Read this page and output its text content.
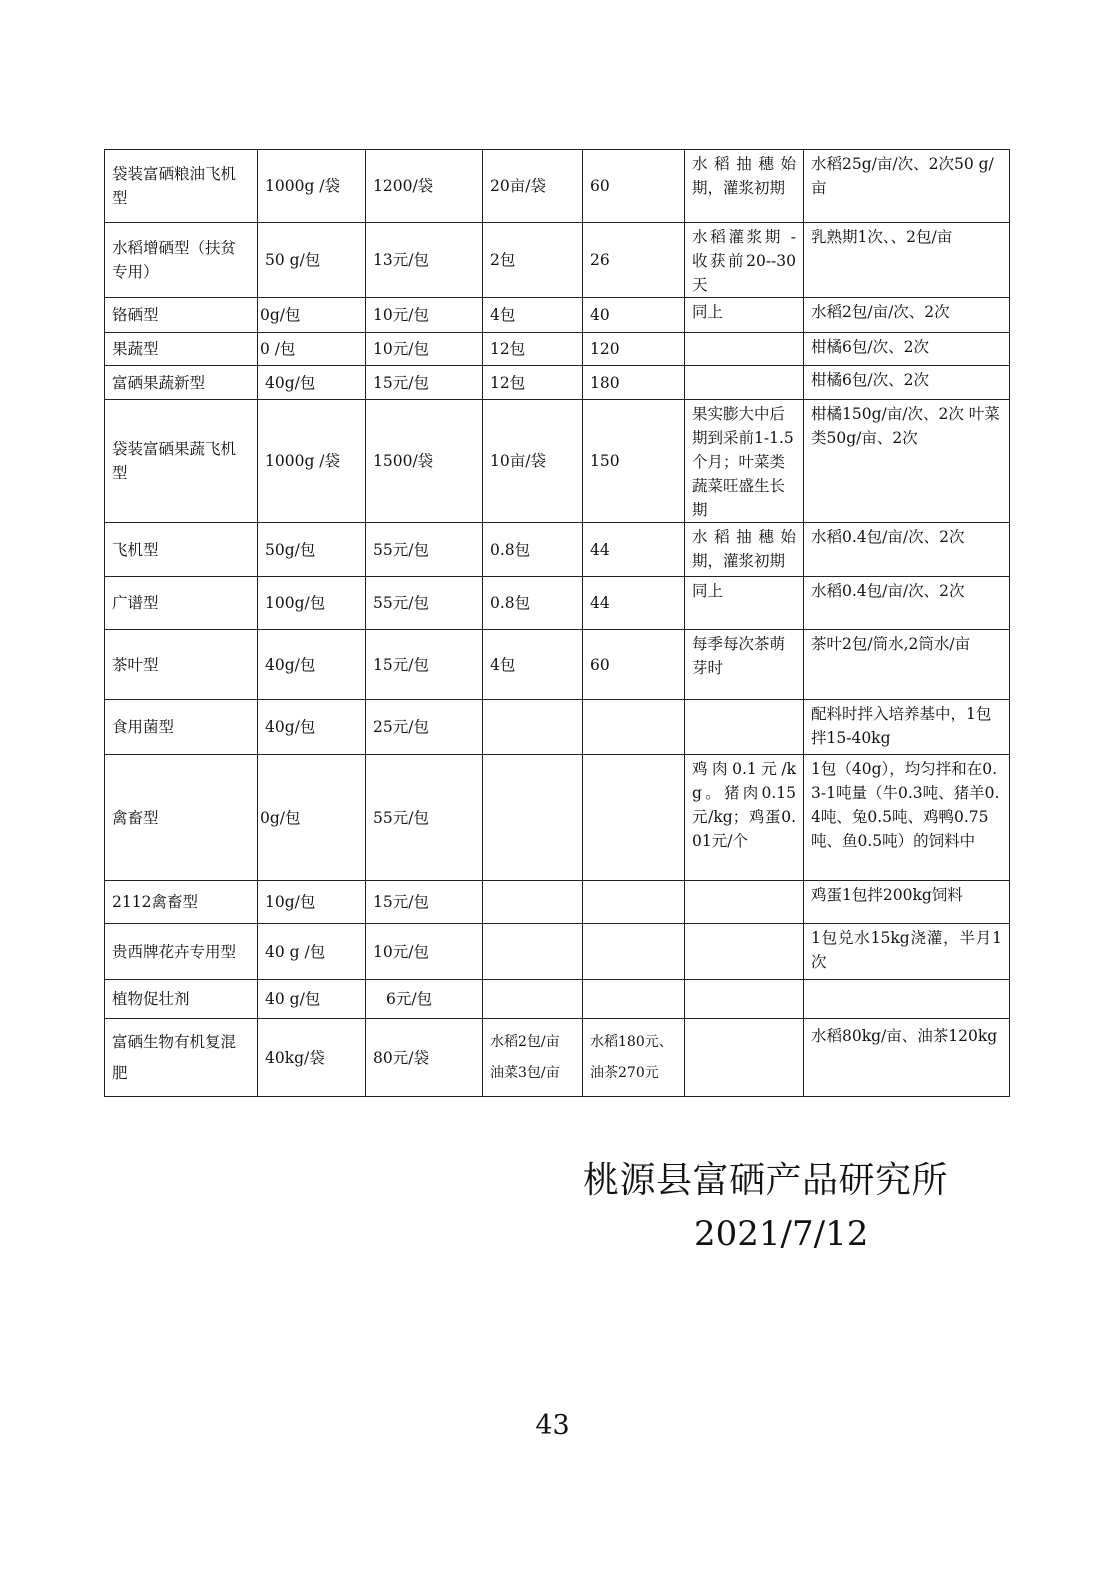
袋装富硒粮油飞机型	1000g /袋	1200/袋	20亩/袋	60	水稻抽穗始期，灌浆初期	水稻25g/亩/次、2次50 g/亩
水稻增硒型（扶贫专用）	50 g/包	13元/包	2包	26	水稻灌浆期 - 收获前20--30天	乳熟期1次、、2包/亩
铬硒型	0g/包	10元/包	4包	40	同上	水稻2包/亩/次、2次
果蔬型	0 /包	10元/包	12包	120		柑橘6包/次、2次
富硒果蔬新型	40g/包	15元/包	12包	180		柑橘6包/次、2次
袋装富硒果蔬飞机型	1000g /袋	1500/袋	10亩/袋	150	果实膨大中后期到采前1-1.5个月；叶菜类蔬菜旺盛生长期	柑橘150g/亩/次、2次 叶菜类50g/亩、2次
飞机型	50g/包	55元/包	0.8包	44	水稻抽穗始期，灌浆初期	水稻0.4包/亩/次、2次
广谱型	100g/包	55元/包	0.8包	44	同上	水稻0.4包/亩/次、2次
茶叶型	40g/包	15元/包	4包	60	每季每次茶萌芽时	茶叶2包/筒水,2筒水/亩
食用菌型	40g/包	25元/包				配料时拌入培养基中，1包拌15-40kg
禽畜型	0g/包	55元/包			鸡肉0.1元/kg。猪肉0.15元/kg；鸡蛋0.01元/个	1包（40g），均匀拌和在0.3-1吨量（牛0.3吨、猪羊0.4吨、兔0.5吨、鸡鸭0.75吨、鱼0.5吨）的饲料中
2112禽畜型	10g/包	15元/包				鸡蛋1包拌200kg饲料
贵西牌花卉专用型	40 g /包	10元/包				1包兑水15kg浇灌，半月1次
植物促壮剂	40 g/包	6元/包				
富硒生物有机复混肥	40kg/袋	80元/袋	水稻2包/亩 油菜3包/亩	水稻180元、油茶270元		水稻80kg/亩、油茶120kg
桃源县富硒产品研究所
2021/7/12
43
